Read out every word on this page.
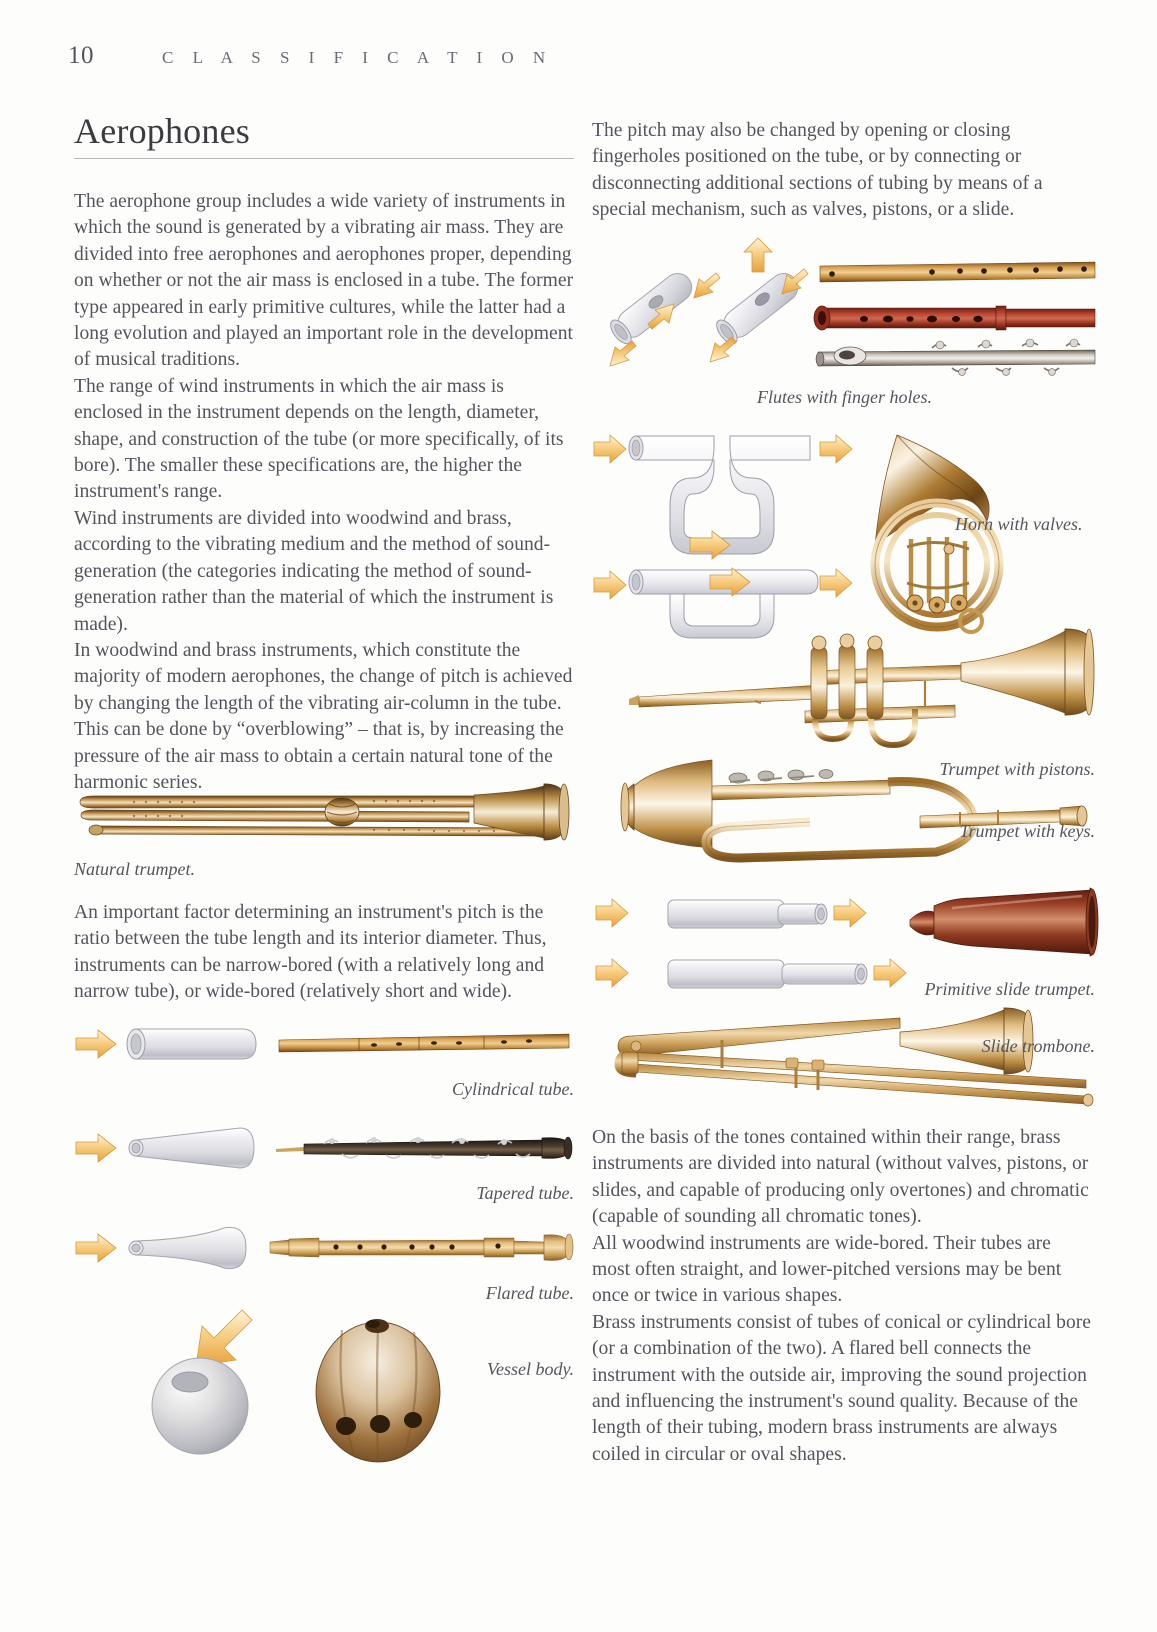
10	C L A S S I F I C A T I O N
Aerophones

The aerophone group includes a wide variety of instruments in which the sound is generated by a vibrating air mass. They are divided into free aerophones and aerophones proper, depending on whether or not the air mass is enclosed in a tube. The former type appeared in early primitive cultures, while the latter had a long evolution and played an important role in the development of musical traditions.

The range of wind instruments in which the air mass is enclosed in the instrument depends on the length, diameter, shape, and construction of the tube (or more specifically, of its bore). The smaller these specifications are, the higher the instrument's range.

Wind instruments are divided into woodwind and brass, according to the vibrating medium and the method of sound-generation (the categories indicating the method of sound-generation rather than the material of which the instrument is made).

In woodwind and brass instruments, which constitute the majority of modern aerophones, the change of pitch is achieved by changing the length of the vibrating air-column in the tube. This can be done by “overblowing” – that is, by increasing the pressure of the air mass to obtain a certain natural tone of the harmonic series.

Natural trumpet.

An important factor determining an instrument's pitch is the ratio between the tube length and its interior diameter. Thus, instruments can be narrow-bored (with a relatively long and narrow tube), or wide-bored (relatively short and wide).

Cylindrical tube.
Tapered tube.
Flared tube.
Vessel body.

The pitch may also be changed by opening or closing fingerholes positioned on the tube, or by connecting or disconnecting additional sections of tubing by means of a special mechanism, such as valves, pistons, or a slide.

Flutes with finger holes.
Horn with valves.
Trumpet with pistons.
Trumpet with keys.
Primitive slide trumpet.
Slide trombone.

On the basis of the tones contained within their range, brass instruments are divided into natural (without valves, pistons, or slides, and capable of producing only overtones) and chromatic (capable of sounding all chromatic tones).

All woodwind instruments are wide-bored. Their tubes are most often straight, and lower-pitched versions may be bent once or twice in various shapes.

Brass instruments consist of tubes of conical or cylindrical bore (or a combination of the two). A flared bell connects the instrument with the outside air, improving the sound projection and influencing the instrument's sound quality. Because of the length of their tubing, modern brass instruments are always coiled in circular or oval shapes.
